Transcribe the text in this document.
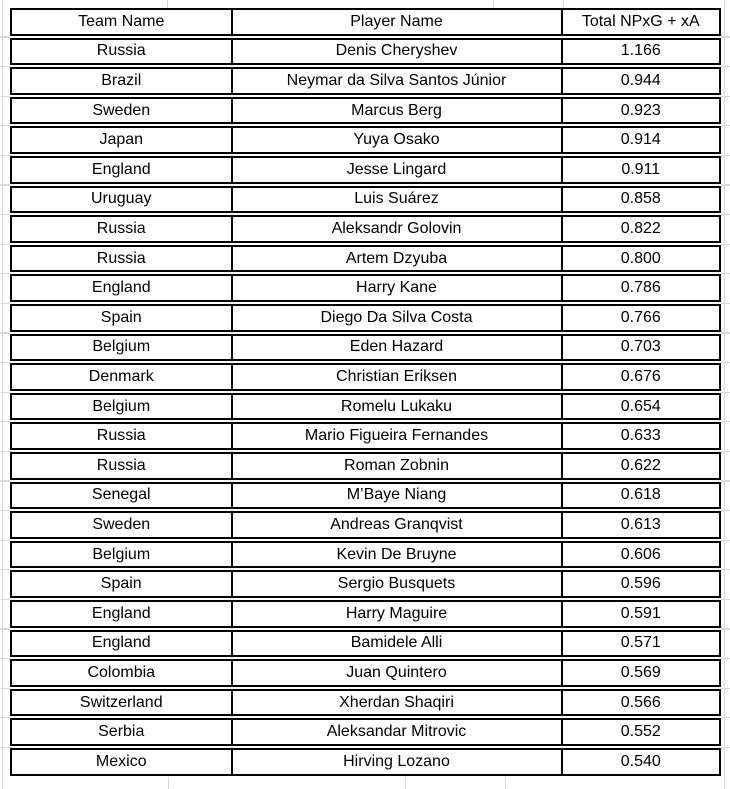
Team Name	Player Name	Total NPxG + xA
Russia	Denis Cheryshev	1.166
Brazil	Neymar da Silva Santos Júnior	0.944
Sweden	Marcus Berg	0.923
Japan	Yuya Osako	0.914
England	Jesse Lingard	0.911
Uruguay	Luis Suárez	0.858
Russia	Aleksandr Golovin	0.822
Russia	Artem Dzyuba	0.800
England	Harry Kane	0.786
Spain	Diego Da Silva Costa	0.766
Belgium	Eden Hazard	0.703
Denmark	Christian Eriksen	0.676
Belgium	Romelu Lukaku	0.654
Russia	Mario Figueira Fernandes	0.633
Russia	Roman Zobnin	0.622
Senegal	M’Baye Niang	0.618
Sweden	Andreas Granqvist	0.613
Belgium	Kevin De Bruyne	0.606
Spain	Sergio Busquets	0.596
England	Harry Maguire	0.591
England	Bamidele Alli	0.571
Colombia	Juan Quintero	0.569
Switzerland	Xherdan Shaqiri	0.566
Serbia	Aleksandar Mitrovic	0.552
Mexico	Hirving Lozano	0.540
